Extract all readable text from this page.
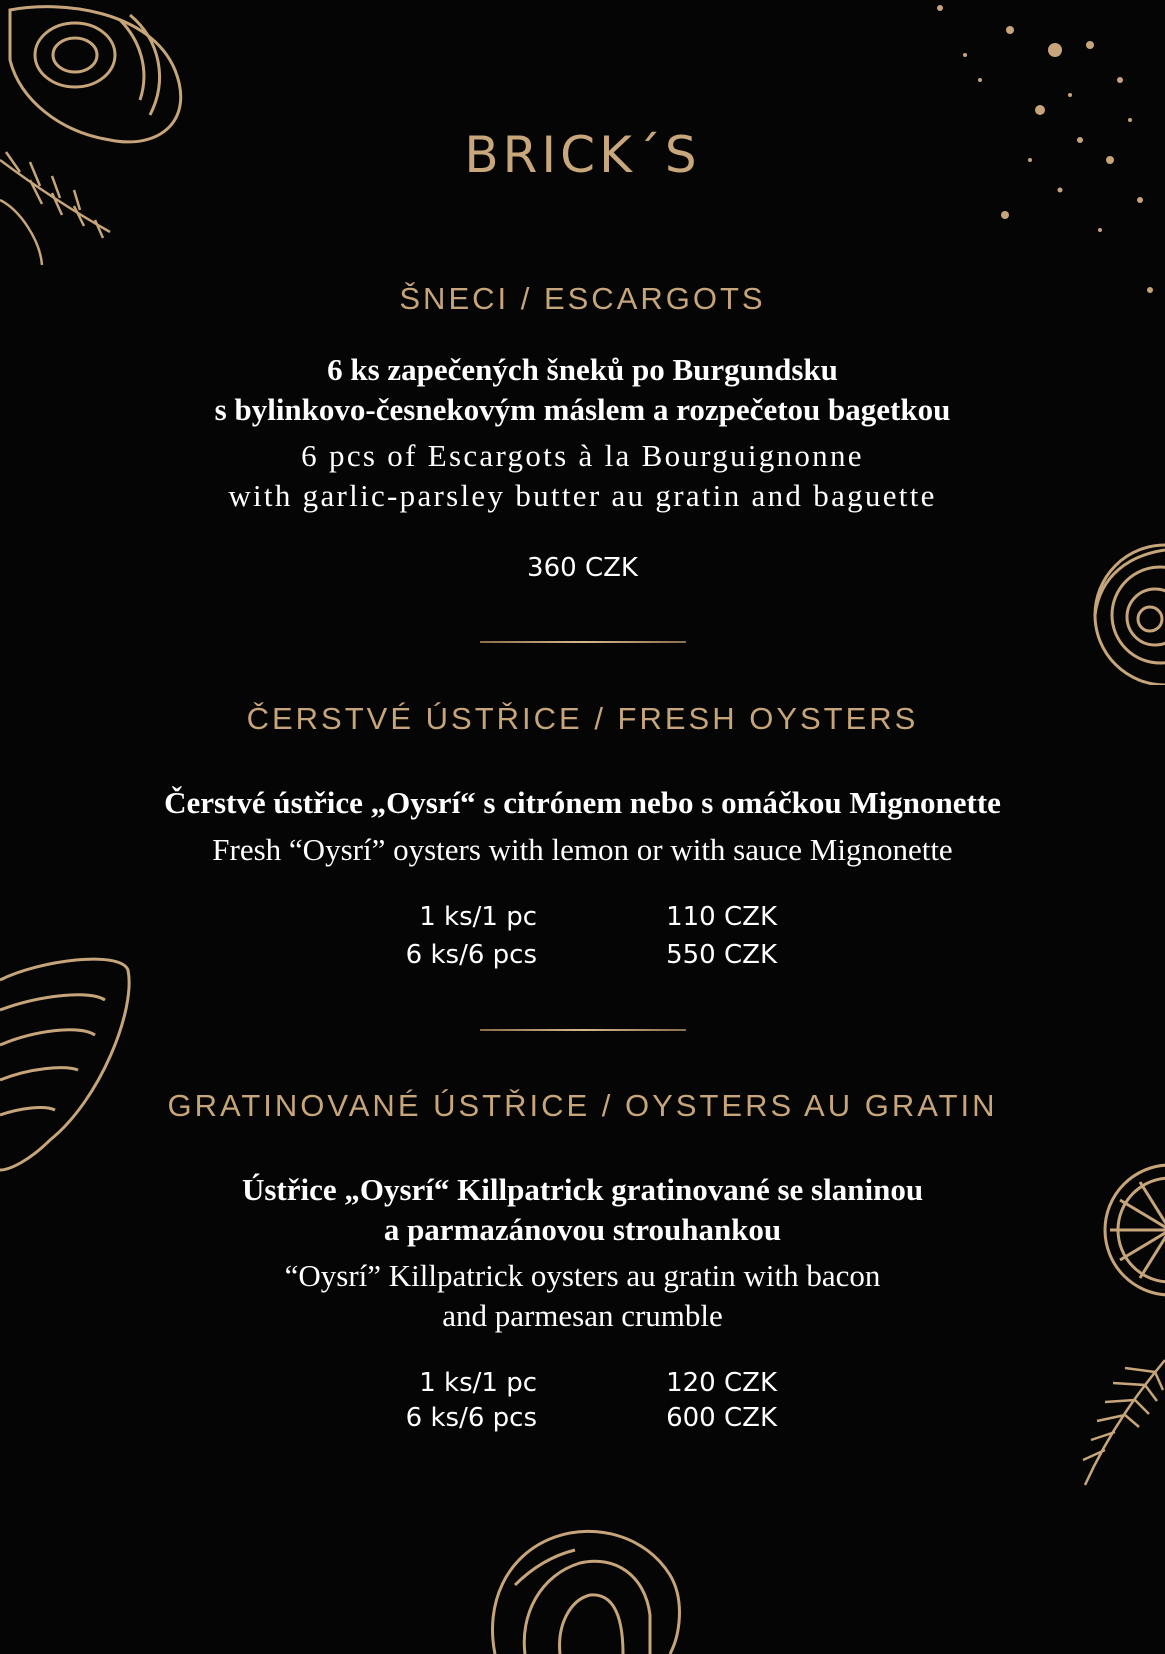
BRICK´S
ŠNECI / ESCARGOTS
6 ks zapečených šneků po Burgundsku
s bylinkovo-česnekovým máslem a rozpečetou bagetkou
6 pcs of Escargots à la Bourguignonne
with garlic-parsley butter au gratin and baguette
360 CZK
ČERSTVÉ ÚSTŘICE / FRESH OYSTERS
Čerstvé ústřice „Oysrí“ s citrónem nebo s omáčkou Mignonette
Fresh “Oysrí” oysters with lemon or with sauce Mignonette
1 ks/1 pc	110 CZK
6 ks/6 pcs	550 CZK
GRATINOVANÉ ÚSTŘICE / OYSTERS AU GRATIN
Ústřice „Oysrí“ Killpatrick gratinované se slaninou
a parmazánovou strouhankou
“Oysrí” Killpatrick oysters au gratin with bacon
and parmesan crumble
1 ks/1 pc	120 CZK
6 ks/6 pcs	600 CZK
